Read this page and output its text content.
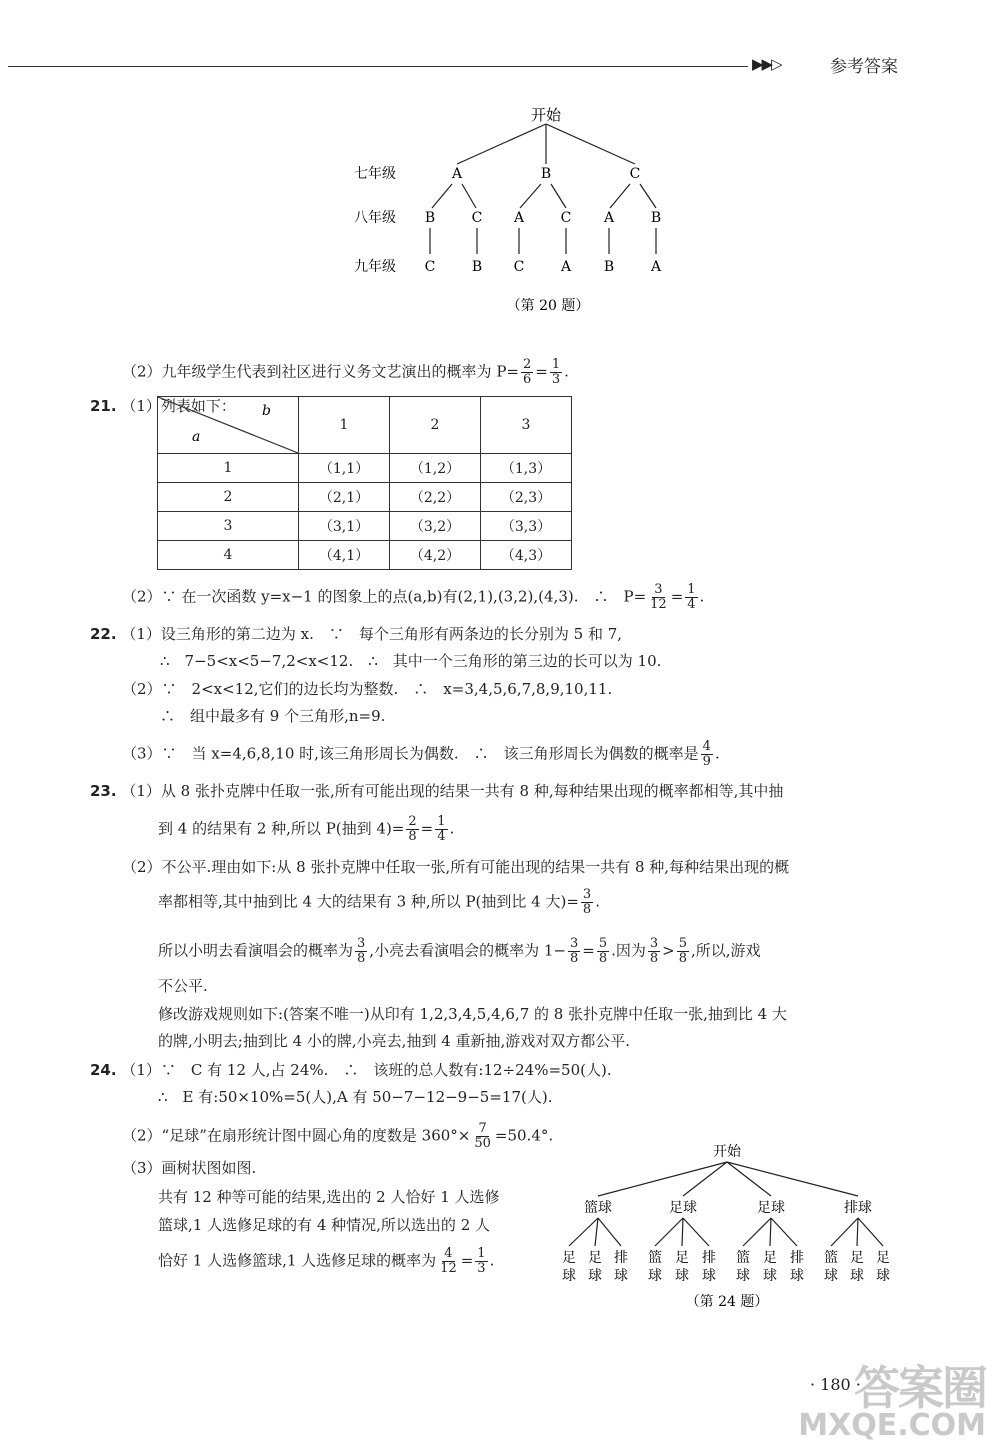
▶▶▷	参考答案
开始
七年级
八年级
九年级
A	B	C
B	C A	C A	B
C	B C	A B	A
（第 20 题）
（2）九年级学生代表到社区进行义务文艺演出的概率为 $P= \frac{2}{6} = \frac{1}{3}$ .
21. （1）列表如下： b
a	1	2	3
1	（1,1）	（1,2）	（1,3）
2	（2,1）	（2,2）	（2,3）
3	（3,1）	（3,2）	（3,3）
4	（4,1）	（4,2）	（4,3）
（2）∵ 在一次函数 y=x−1 的图象上的点(a,b)有(2,1),(3,2),(4,3).　∴　$P= \frac{3}{12} = \frac{1}{4}$ .
22. （1）设三角形的第二边为 x.　∵　每个三角形有两条边的长分别为 5 和 7,
∴　7−5<x<5−7,2<x<12.　∴　其中一个三角形的第三边的长可以为 10.
（2）∵　2<x<12,它们的边长均为整数.　∴　x=3,4,5,6,7,8,9,10,11.
∴　组中最多有 9 个三角形,n=9.
（3）∵　当 x=4,6,8,10 时,该三角形周长为偶数.　∴　该三角形周长为偶数的概率是 $\frac{4}{9}$ .
23. （1）从 8 张扑克牌中任取一张,所有可能出现的结果一共有 8 种,每种结果出现的概率都相等,其中抽
到 4 的结果有 2 种,所以 P(抽到 $4)= \frac{2}{8} = \frac{1}{4}$ .
（2）不公平.理由如下:从 8 张扑克牌中任取一张,所有可能出现的结果一共有 8 种,每种结果出现的概
率都相等,其中抽到比 4 大的结果有 3 种,所以 P(抽到比 4 大)= $\frac{3}{8}$ .
所以小明去看演唱会的概率为 $\frac{3}{8}$ ,小亮去看演唱会的概率为 $1- \frac{3}{8} = \frac{5}{8}$ .因为 $\frac{3}{8} > \frac{5}{8}$ ,所以,游戏
不公平.
修改游戏规则如下:(答案不唯一)从印有 1,2,3,4,5,4,6,7 的 8 张扑克牌中任取一张,抽到比 4 大
的牌,小明去;抽到比 4 小的牌,小亮去,抽到 4 重新抽,游戏对双方都公平.
24. （1）∵　C 有 12 人,占 24%.　∴　该班的总人数有:12÷24%=50(人).
∴　E 有:50×10%=5(人),A 有 50−7−12−9−5=17(人).
（2）“足球”在扇形统计图中圆心角的度数是 $360^\circ\times \frac{7}{50} =50.4^\circ$.
（3）画树状图如图.
共有 12 种等可能的结果,选出的 2 人恰好 1 人选修
篮球,1 人选修足球的有 4 种情况,所以选出的 2 人
恰好 1 人选修篮球,1 人选修足球的概率为 $\frac{4}{12} = \frac{1}{3}$ .
开始
篮球	足球	足球	排球
足球
足球
排球
篮球
足球
排球
篮球
足球
排球
篮球
足球
足球
（第 24 题）
· 180 ·
答案圈
MXQE.COM
